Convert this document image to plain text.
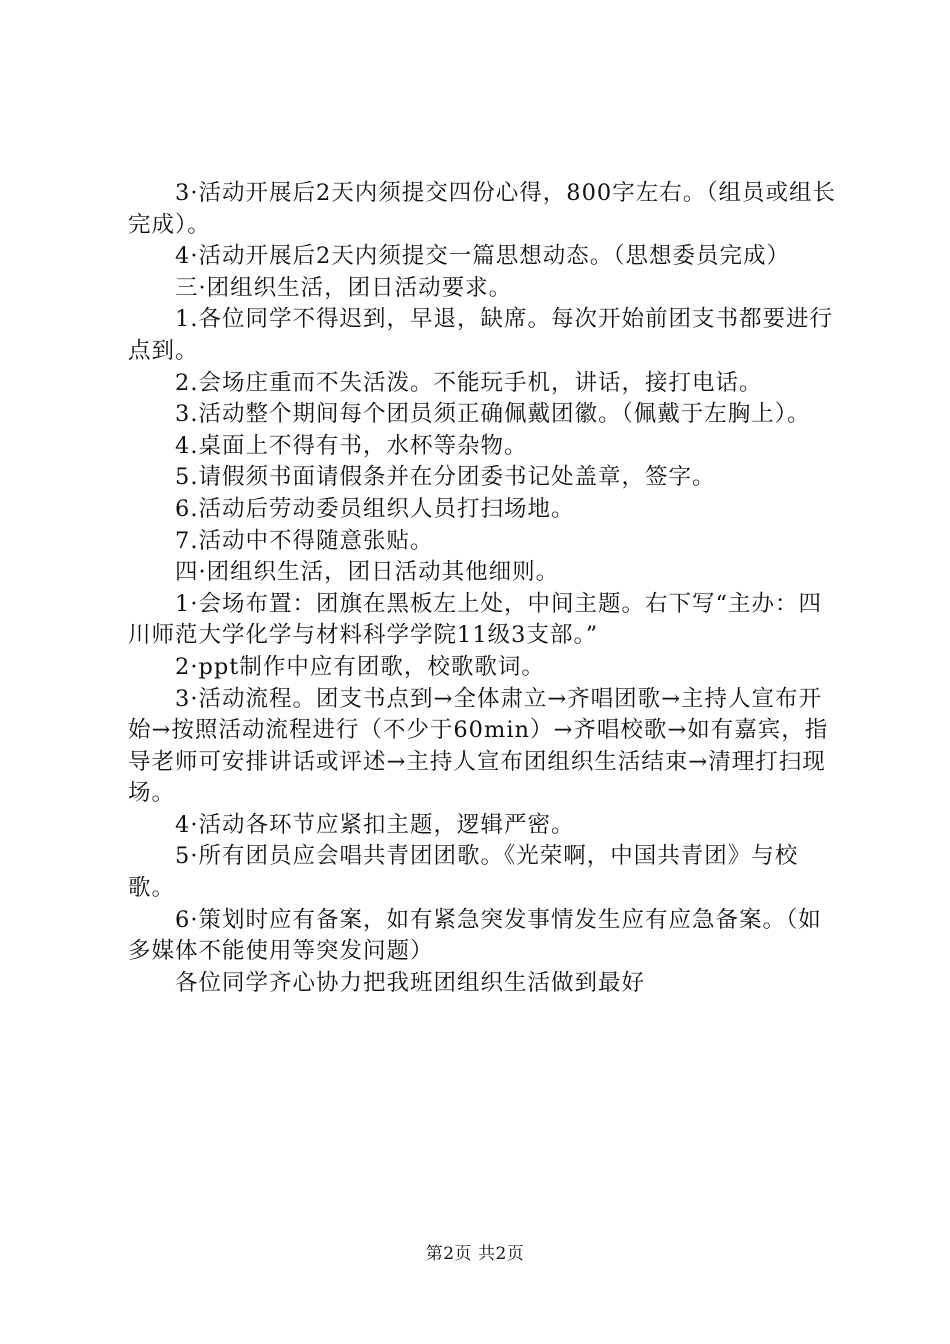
3·活动开展后2天内须提交四份心得，800字左右。（组员或组长完成）。

4·活动开展后2天内须提交一篇思想动态。（思想委员完成）

三·团组织生活，团日活动要求。

1.各位同学不得迟到，早退，缺席。每次开始前团支书都要进行点到。

2.会场庄重而不失活泼。不能玩手机，讲话，接打电话。

3.活动整个期间每个团员须正确佩戴团徽。（佩戴于左胸上）。

4.桌面上不得有书，水杯等杂物。

5.请假须书面请假条并在分团委书记处盖章，签字。

6.活动后劳动委员组织人员打扫场地。

7.活动中不得随意张贴。

四·团组织生活，团日活动其他细则。

1·会场布置：团旗在黑板左上处，中间主题。右下写“主办：四川师范大学化学与材料科学学院11级3支部。”

2·ppt制作中应有团歌，校歌歌词。

3·活动流程。团支书点到→全体肃立→齐唱团歌→主持人宣布开始→按照活动流程进行（不少于60min）→齐唱校歌→如有嘉宾，指导老师可安排讲话或评述→主持人宣布团组织生活结束→清理打扫现场。

4·活动各环节应紧扣主题，逻辑严密。

5·所有团员应会唱共青团团歌。《光荣啊，中国共青团》与校歌。

6·策划时应有备案，如有紧急突发事情发生应有应急备案。（如多媒体不能使用等突发问题）

各位同学齐心协力把我班团组织生活做到最好

第2页 共2页
